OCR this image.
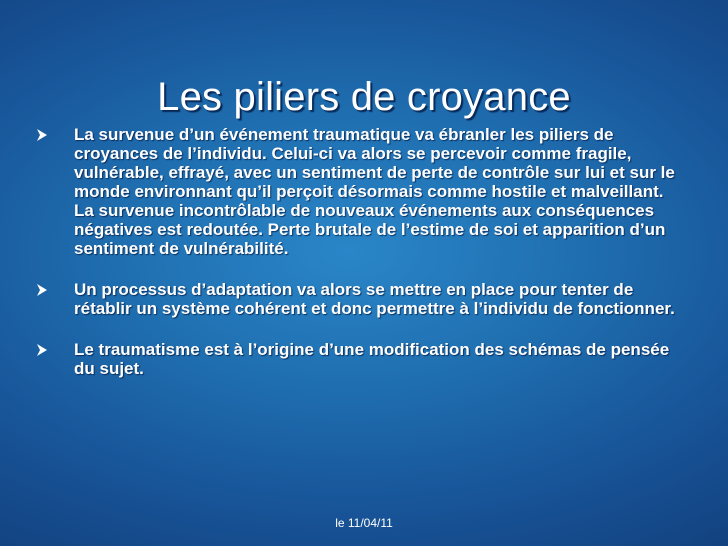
Les piliers de croyance
La survenue d’un événement traumatique va ébranler les piliers de croyances de l’individu. Celui-ci va alors se percevoir comme fragile, vulnérable, effrayé, avec un sentiment de perte de contrôle sur lui et sur le monde environnant qu’il perçoit désormais comme hostile et malveillant. La survenue incontrôlable de nouveaux événements aux conséquences négatives est redoutée. Perte brutale de l’estime de soi et apparition d’un sentiment de vulnérabilité.
Un processus d’adaptation va alors se mettre en place pour tenter de rétablir un système cohérent et donc permettre à l’individu de fonctionner.
Le traumatisme est à l’origine d’une modification des schémas de pensée du sujet.
le 11/04/11
